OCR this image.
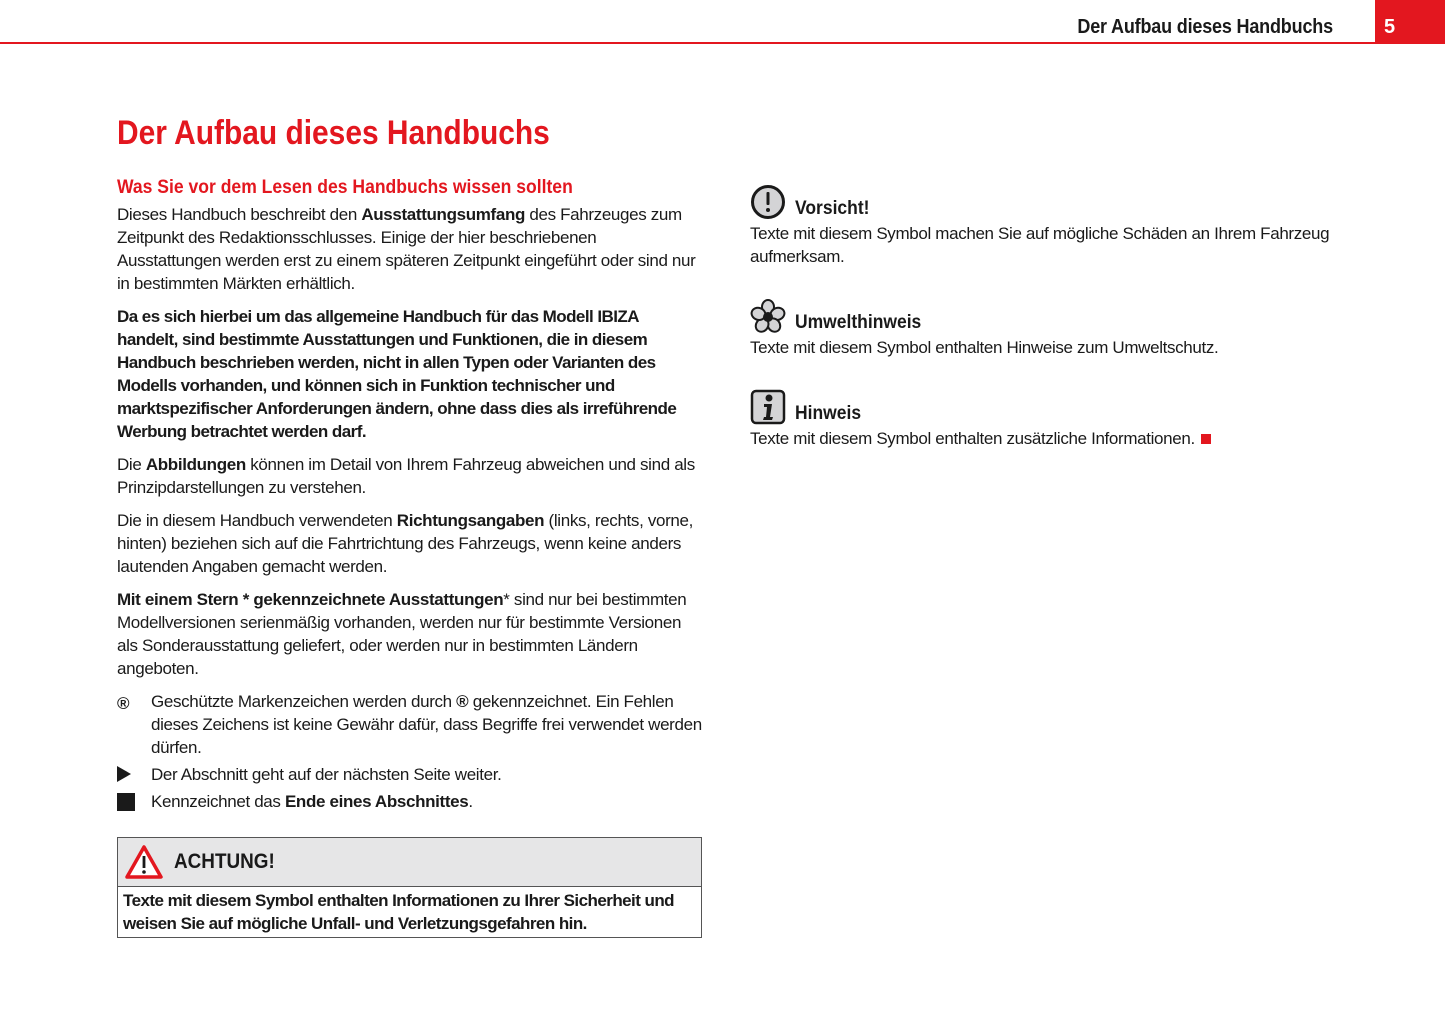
Der Aufbau dieses Handbuchs	5
Der Aufbau dieses Handbuchs
Was Sie vor dem Lesen des Handbuchs wissen sollten

Dieses Handbuch beschreibt den Ausstattungsumfang des Fahrzeuges zum Zeitpunkt des Redaktionsschlusses. Einige der hier beschriebenen Ausstattungen werden erst zu einem späteren Zeitpunkt eingeführt oder sind nur in bestimmten Märkten erhältlich.

Da es sich hierbei um das allgemeine Handbuch für das Modell IBIZA handelt, sind bestimmte Ausstattungen und Funktionen, die in diesem Handbuch beschrieben werden, nicht in allen Typen oder Varianten des Modells vorhanden, und können sich in Funktion technischer und marktspezifischer Anforderungen ändern, ohne dass dies als irreführende Werbung betrachtet werden darf.

Die Abbildungen können im Detail von Ihrem Fahrzeug abweichen und sind als Prinzipdarstellungen zu verstehen.

Die in diesem Handbuch verwendeten Richtungsangaben (links, rechts, vorne, hinten) beziehen sich auf die Fahrtrichtung des Fahrzeugs, wenn keine anders lautenden Angaben gemacht werden.

Mit einem Stern * gekennzeichnete Ausstattungen* sind nur bei bestimmten Modellversionen serienmäßig vorhanden, werden nur für bestimmte Versionen als Sonderausstattung geliefert, oder werden nur in bestimmten Ländern angeboten.

® Geschützte Markenzeichen werden durch ® gekennzeichnet. Ein Fehlen dieses Zeichens ist keine Gewähr dafür, dass Begriffe frei verwendet werden dürfen.
Der Abschnitt geht auf der nächsten Seite weiter.
Kennzeichnet das Ende eines Abschnittes.
ACHTUNG!
Texte mit diesem Symbol enthalten Informationen zu Ihrer Sicherheit und weisen Sie auf mögliche Unfall- und Verletzungsgefahren hin.
Vorsicht!
Texte mit diesem Symbol machen Sie auf mögliche Schäden an Ihrem Fahrzeug aufmerksam.
Umwelthinweis
Texte mit diesem Symbol enthalten Hinweise zum Umweltschutz.
Hinweis
Texte mit diesem Symbol enthalten zusätzliche Informationen.
